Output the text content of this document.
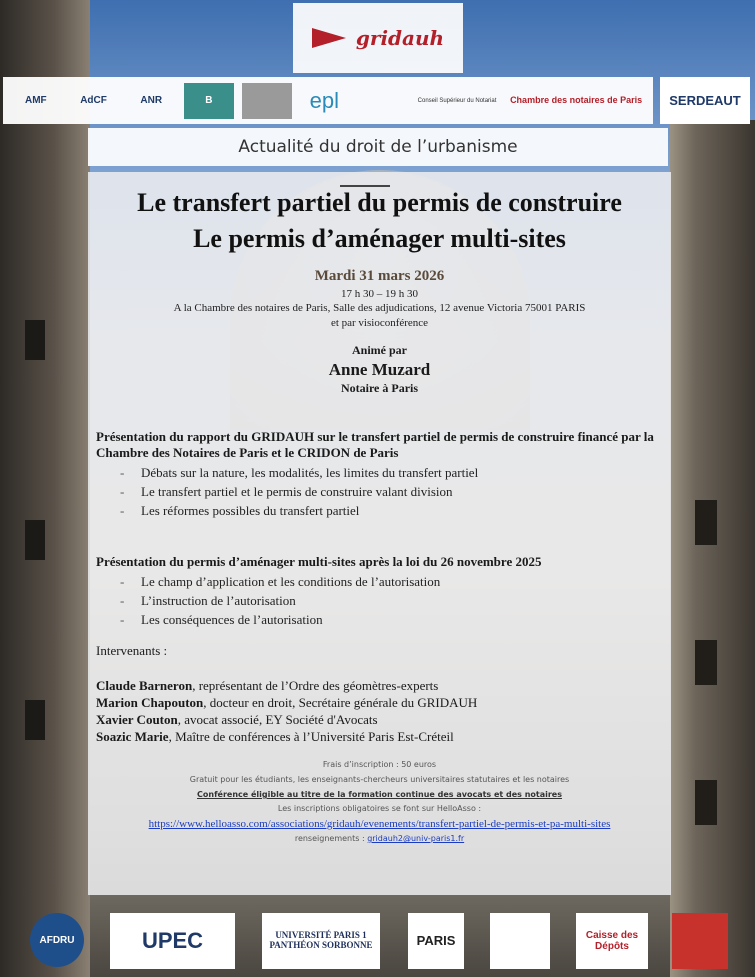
gridauh
AMF	AdCF	ANR	B	epl	Conseil Supérieur du Notariat	Chambre des notaires de Paris	SERDEAUT
Actualité du droit de l’urbanisme
Le transfert partiel du permis de construire
Le permis d’aménager multi-sites
Mardi 31 mars 2026
17 h 30 – 19 h 30
A la Chambre des notaires de Paris, Salle des adjudications, 12 avenue Victoria 75001 PARIS
et par visioconférence
Animé par
Anne Muzard
Notaire à Paris
Présentation du rapport du GRIDAUH sur le transfert partiel de permis de construire financé par la Chambre des Notaires de Paris et le CRIDON de Paris
- Débats sur la nature, les modalités, les limites du transfert partiel
- Le transfert partiel et le permis de construire valant division
- Les réformes possibles du transfert partiel
Présentation du permis d’aménager multi-sites après la loi du 26 novembre 2025
- Le champ d’application et les conditions de l’autorisation
- L’instruction de l’autorisation
- Les conséquences de l’autorisation
Intervenants :
Claude Barneron, représentant de l’Ordre des géomètres-experts
Marion Chapouton, docteur en droit, Secrétaire générale du GRIDAUH
Xavier Couton, avocat associé, EY Société d'Avocats
Soazic Marie, Maître de conférences à l’Université Paris Est-Créteil
Frais d’inscription : 50 euros
Gratuit pour les étudiants, les enseignants-chercheurs universitaires statutaires et les notaires
Conférence éligible au titre de la formation continue des avocats et des notaires
Les inscriptions obligatoires se font sur HelloAsso :
https://www.helloasso.com/associations/gridauh/evenements/transfert-partiel-de-permis-et-pa-multi-sites
renseignements : gridauh2@univ-paris1.fr
AFDRU	UPEC	UNIVERSITÉ PARIS 1 PANTHÉON SORBONNE	PARIS	Caisse des Dépôts
